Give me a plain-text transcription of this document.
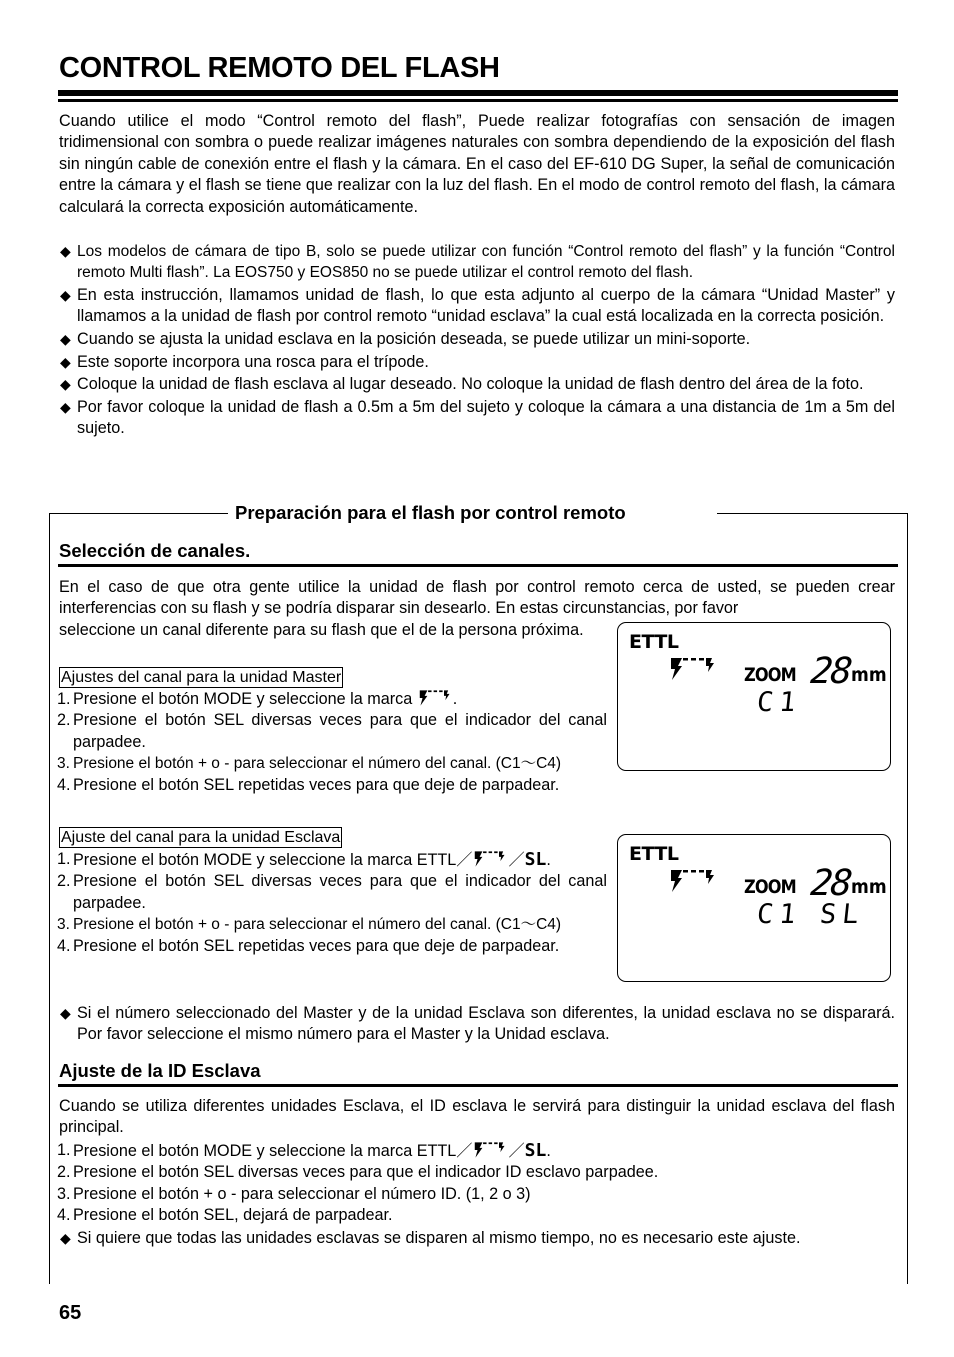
CONTROL REMOTO DEL FLASH
Cuando utilice el modo “Control remoto del flash”, Puede realizar fotografías con sensación de imagen tridimensional con sombra o puede realizar imágenes naturales con sombra dependiendo de la exposición del flash sin ningún cable de conexión entre el flash y la cámara. En el caso del EF-610 DG Super, la señal de comunicación entre la cámara y el flash se tiene que realizar con la luz del flash. En el modo de control remoto del flash, la cámara calculará la correcta exposición automáticamente.
◆ Los modelos de cámara de tipo B, solo se puede utilizar con función “Control remoto del flash” y la función “Control remoto Multi flash”. La EOS750 y EOS850 no se puede utilizar el control remoto del flash.
◆ En esta instrucción, llamamos unidad de flash, lo que esta adjunto al cuerpo de la cámara “Unidad Master” y llamamos a la unidad de flash por control remoto “unidad esclava” la cual está localizada en la correcta posición.
◆ Cuando se ajusta la unidad esclava en la posición deseada, se puede utilizar un mini-soporte.
◆ Este soporte incorpora una rosca para el trípode.
◆ Coloque la unidad de flash esclava al lugar deseado. No coloque la unidad de flash dentro del área de la foto.
◆ Por favor coloque la unidad de flash a 0.5m a 5m del sujeto y coloque la cámara a una distancia de 1m a 5m del sujeto.
Preparación para el flash por control remoto
Selección de canales.
En el caso de que otra gente utilice la unidad de flash por control remoto cerca de usted, se pueden crear interferencias con su flash y se podría disparar sin desearlo. En estas circunstancias, por favor
seleccione un canal diferente para su flash que el de la persona próxima.
ETTL
ZOOM 28
mm
C1
Ajustes del canal para la unidad Master
1. Presione el botón MODE y seleccione la marca .
2. Presione el botón SEL diversas veces para que el indicador del canal parpadee.
3. Presione el botón + o - para seleccionar el número del canal. (C1～C4)
4. Presione el botón SEL repetidas veces para que deje de parpadear.
ETTL
ZOOM 28
mm
C1 SL
Ajuste del canal para la unidad Esclava
1. Presione el botón MODE y seleccione la marca ETTL／ ／SL.
2. Presione el botón SEL diversas veces para que el indicador del canal parpadee.
3. Presione el botón + o - para seleccionar el número del canal. (C1～C4)
4. Presione el botón SEL repetidas veces para que deje de parpadear.
◆ Si el número seleccionado del Master y de la unidad Esclava son diferentes, la unidad esclava no se disparará. Por favor seleccione el mismo número para el Master y la Unidad esclava.
Ajuste de la ID Esclava
Cuando se utiliza diferentes unidades Esclava, el ID esclava le servirá para distinguir la unidad esclava del flash principal.
1. Presione el botón MODE y seleccione la marca ETTL／ ／SL.
2. Presione el botón SEL diversas veces para que el indicador ID esclavo parpadee.
3. Presione el botón + o - para seleccionar el número ID. (1, 2 o 3)
4. Presione el botón SEL, dejará de parpadear.
◆ Si quiere que todas las unidades esclavas se disparen al mismo tiempo, no es necesario este ajuste.
65
